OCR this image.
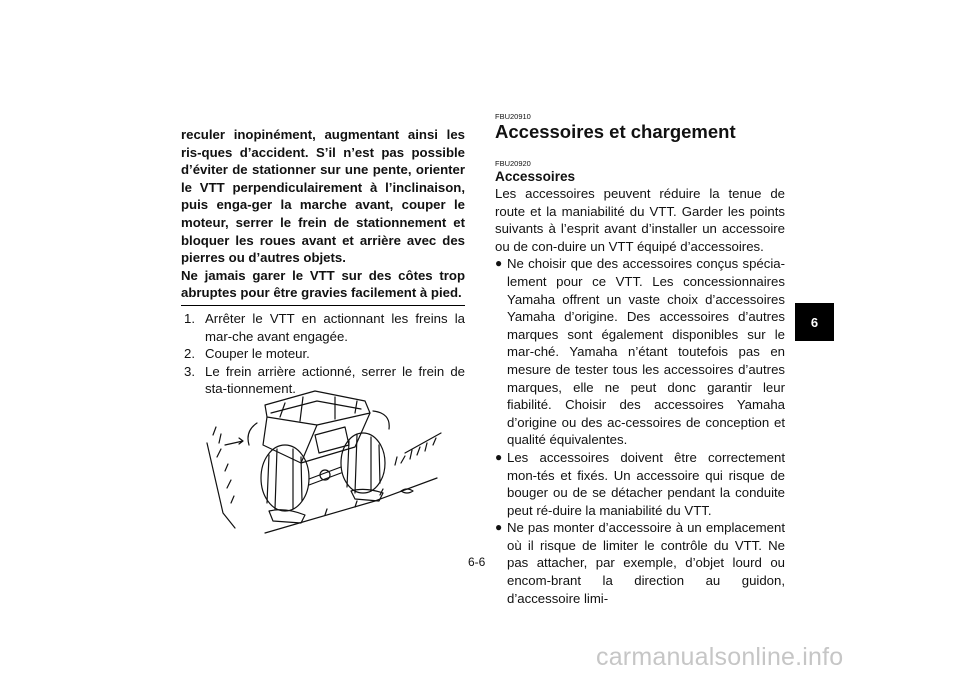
reculer inopinément, augmentant ainsi les ris-ques d’accident. S’il n’est pas possible d’éviter de stationner sur une pente, orienter le VTT perpendiculairement à l’inclinaison, puis enga-ger la marche avant, couper le moteur, serrer le frein de stationnement et bloquer les roues avant et arrière avec des pierres ou d’autres objets.

Ne jamais garer le VTT sur des côtes trop abruptes pour être gravies facilement à pied.

1. Arrêter le VTT en actionnant les freins la mar-che avant engagée.
2. Couper le moteur.
3. Le frein arrière actionné, serrer le frein de sta-tionnement.

FBU20910

Accessoires et chargement

FBU20920

Accessoires

Les accessoires peuvent réduire la tenue de route et la maniabilité du VTT. Garder les points suivants à l’esprit avant d’installer un accessoire ou de con-duire un VTT équipé d’accessoires.

● Ne choisir que des accessoires conçus spécia-lement pour ce VTT. Les concessionnaires Yamaha offrent un vaste choix d’accessoires Yamaha d’origine. Des accessoires d’autres marques sont également disponibles sur le mar-ché. Yamaha n’étant toutefois pas en mesure de tester tous les accessoires d’autres marques, elle ne peut donc garantir leur fiabilité. Choisir des accessoires Yamaha d’origine ou des ac-cessoires de conception et qualité équivalentes.
● Les accessoires doivent être correctement mon-tés et fixés. Un accessoire qui risque de bouger ou de se détacher pendant la conduite peut ré-duire la maniabilité du VTT.
● Ne pas monter d’accessoire à un emplacement où il risque de limiter le contrôle du VTT. Ne pas attacher, par exemple, d’objet lourd ou encom-brant la direction au guidon, d’accessoire limi-
6
6-6
carmanualsonline.info
